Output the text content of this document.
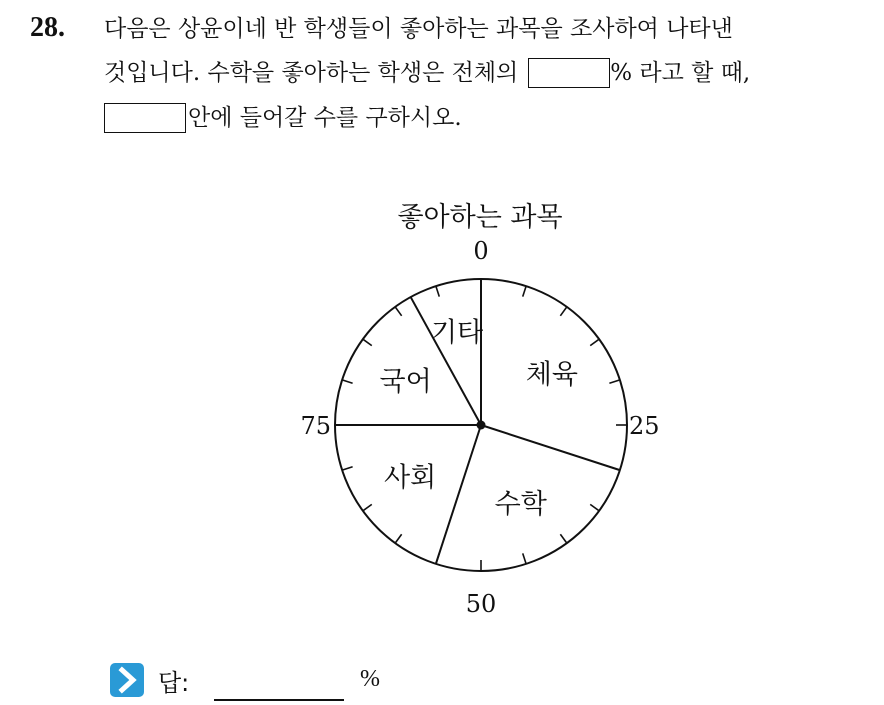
28. 다음은 상윤이네 반 학생들이 좋아하는 과목을 조사하여 나타낸
것입니다. 수학을 좋아하는 학생은 전체의	% 라고 할 때,
안에 들어갈 수를 구하시오.
좋아하는 과목
체육
수학
사회
국어
기타
0
25
50
75
답:	%
